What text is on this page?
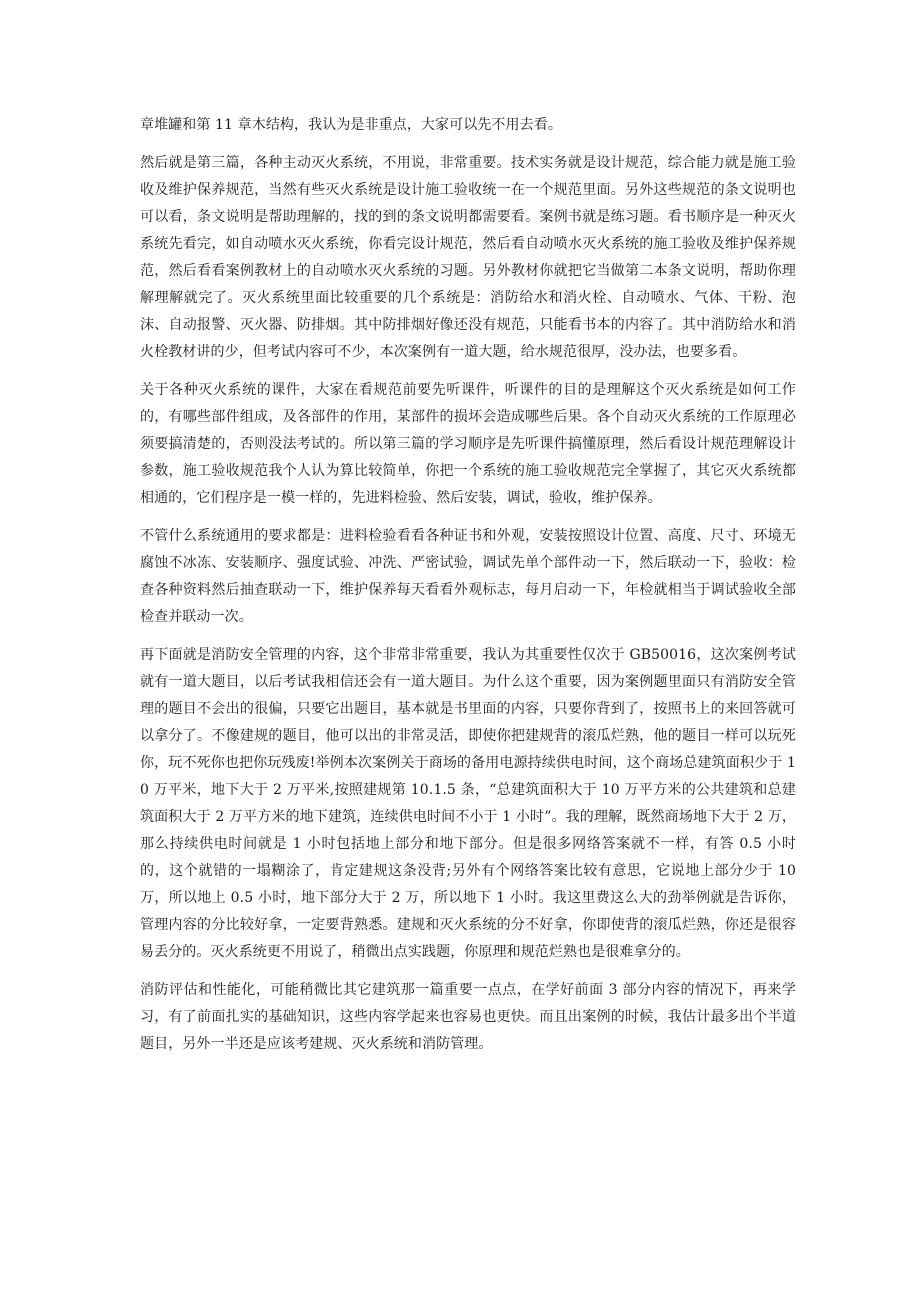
章堆罐和第 11 章木结构，我认为是非重点，大家可以先不用去看。

然后就是第三篇，各种主动灭火系统，不用说，非常重要。技术实务就是设计规范，综合能力就是施工验收及维护保养规范，当然有些灭火系统是设计施工验收统一在一个规范里面。另外这些规范的条文说明也可以看，条文说明是帮助理解的，找的到的条文说明都需要看。案例书就是练习题。看书顺序是一种灭火系统先看完，如自动喷水灭火系统，你看完设计规范，然后看自动喷水灭火系统的施工验收及维护保养规范，然后看看案例教材上的自动喷水灭火系统的习题。另外教材你就把它当做第二本条文说明，帮助你理解理解就完了。灭火系统里面比较重要的几个系统是：消防给水和消火栓、自动喷水、气体、干粉、泡沫、自动报警、灭火器、防排烟。其中防排烟好像还没有规范，只能看书本的内容了。其中消防给水和消火栓教材讲的少，但考试内容可不少，本次案例有一道大题，给水规范很厚，没办法，也要多看。

关于各种灭火系统的课件，大家在看规范前要先听课件，听课件的目的是理解这个灭火系统是如何工作的，有哪些部件组成，及各部件的作用，某部件的损坏会造成哪些后果。各个自动灭火系统的工作原理必须要搞清楚的，否则没法考试的。所以第三篇的学习顺序是先听课件搞懂原理，然后看设计规范理解设计参数，施工验收规范我个人认为算比较简单，你把一个系统的施工验收规范完全掌握了，其它灭火系统都相通的，它们程序是一模一样的，先进料检验、然后安装，调试，验收，维护保养。

不管什么系统通用的要求都是：进料检验看看各种证书和外观，安装按照设计位置、高度、尺寸、环境无腐蚀不冰冻、安装顺序、强度试验、冲洗、严密试验，调试先单个部件动一下，然后联动一下，验收：检查各种资料然后抽查联动一下，维护保养每天看看外观标志，每月启动一下，年检就相当于调试验收全部检查并联动一次。

再下面就是消防安全管理的内容，这个非常非常重要，我认为其重要性仅次于 GB50016，这次案例考试就有一道大题目，以后考试我相信还会有一道大题目。为什么这个重要，因为案例题里面只有消防安全管理的题目不会出的很偏，只要它出题目，基本就是书里面的内容，只要你背到了，按照书上的来回答就可以拿分了。不像建规的题目，他可以出的非常灵活，即使你把建规背的滚瓜烂熟，他的题目一样可以玩死你，玩不死你也把你玩残废!举例本次案例关于商场的备用电源持续供电时间，这个商场总建筑面积少于 10 万平米，地下大于 2 万平米,按照建规第 10.1.5 条，“总建筑面积大于 10 万平方米的公共建筑和总建筑面积大于 2 万平方米的地下建筑，连续供电时间不小于 1 小时”。我的理解，既然商场地下大于 2 万，那么持续供电时间就是 1 小时包括地上部分和地下部分。但是很多网络答案就不一样，有答 0.5 小时的，这个就错的一塌糊涂了，肯定建规这条没背;另外有个网络答案比较有意思，它说地上部分少于 10 万，所以地上 0.5 小时，地下部分大于 2 万，所以地下 1 小时。我这里费这么大的劲举例就是告诉你，管理内容的分比较好拿，一定要背熟悉。建规和灭火系统的分不好拿，你即使背的滚瓜烂熟，你还是很容易丢分的。灭火系统更不用说了，稍微出点实践题，你原理和规范烂熟也是很难拿分的。

消防评估和性能化，可能稍微比其它建筑那一篇重要一点点，在学好前面 3 部分内容的情况下，再来学习，有了前面扎实的基础知识，这些内容学起来也容易也更快。而且出案例的时候，我估计最多出个半道题目，另外一半还是应该考建规、灭火系统和消防管理。
